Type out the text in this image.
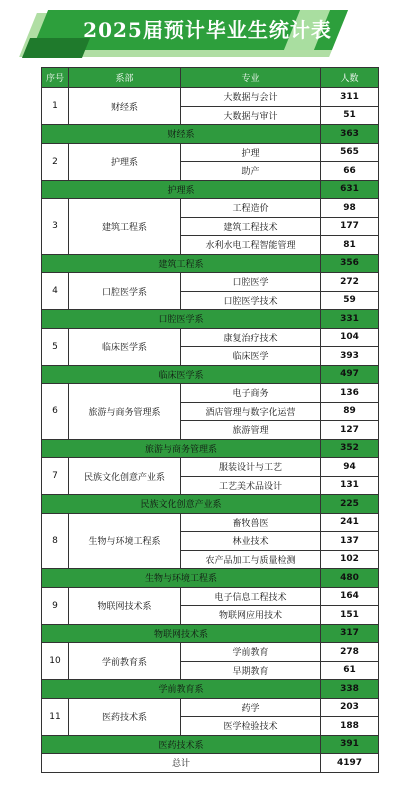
2025届预计毕业生统计表
序号	系部	专业	人数
1	财经系	大数据与会计	311
		大数据与审计	51
财经系			363
2	护理系	护理	565
		助产	66
护理系			631
3	建筑工程系	工程造价	98
		建筑工程技术	177
		水利水电工程智能管理	81
建筑工程系			356
4	口腔医学系	口腔医学	272
		口腔医学技术	59
口腔医学系			331
5	临床医学系	康复治疗技术	104
		临床医学	393
临床医学系			497
6	旅游与商务管理系	电子商务	136
		酒店管理与数字化运营	89
		旅游管理	127
旅游与商务管理系			352
7	民族文化创意产业系	服装设计与工艺	94
		工艺美术品设计	131
民族文化创意产业系			225
8	生物与环境工程系	畜牧兽医	241
		林业技术	137
		农产品加工与质量检测	102
生物与环境工程系			480
9	物联网技术系	电子信息工程技术	164
		物联网应用技术	151
物联网技术系			317
10	学前教育系	学前教育	278
		早期教育	61
学前教育系			338
11	医药技术系	药学	203
		医学检验技术	188
医药技术系			391
总计			4197
